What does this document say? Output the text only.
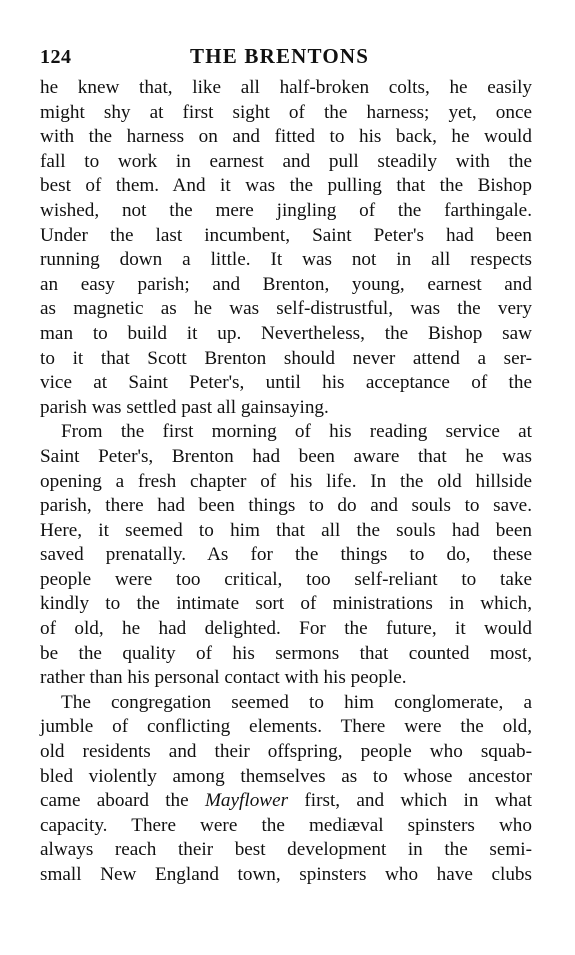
124	THE BRENTONS

he knew that, like all half-broken colts, he easily
might shy at first sight of the harness; yet, once
with the harness on and fitted to his back, he would
fall to work in earnest and pull steadily with the
best of them. And it was the pulling that the Bishop
wished, not the mere jingling of the farthingale.
Under the last incumbent, Saint Peter's had been
running down a little. It was not in all respects
an easy parish; and Brenton, young, earnest and
as magnetic as he was self-distrustful, was the very
man to build it up. Nevertheless, the Bishop saw
to it that Scott Brenton should never attend a ser-
vice at Saint Peter's, until his acceptance of the
parish was settled past all gainsaying.

From the first morning of his reading service at
Saint Peter's, Brenton had been aware that he was
opening a fresh chapter of his life. In the old hillside
parish, there had been things to do and souls to save.
Here, it seemed to him that all the souls had been
saved prenatally. As for the things to do, these
people were too critical, too self-reliant to take
kindly to the intimate sort of ministrations in which,
of old, he had delighted. For the future, it would
be the quality of his sermons that counted most,
rather than his personal contact with his people.

The congregation seemed to him conglomerate, a
jumble of conflicting elements. There were the old,
old residents and their offspring, people who squab-
bled violently among themselves as to whose ancestor
came aboard the Mayflower first, and which in what
capacity. There were the mediæval spinsters who
always reach their best development in the semi-
small New England town, spinsters who have clubs
